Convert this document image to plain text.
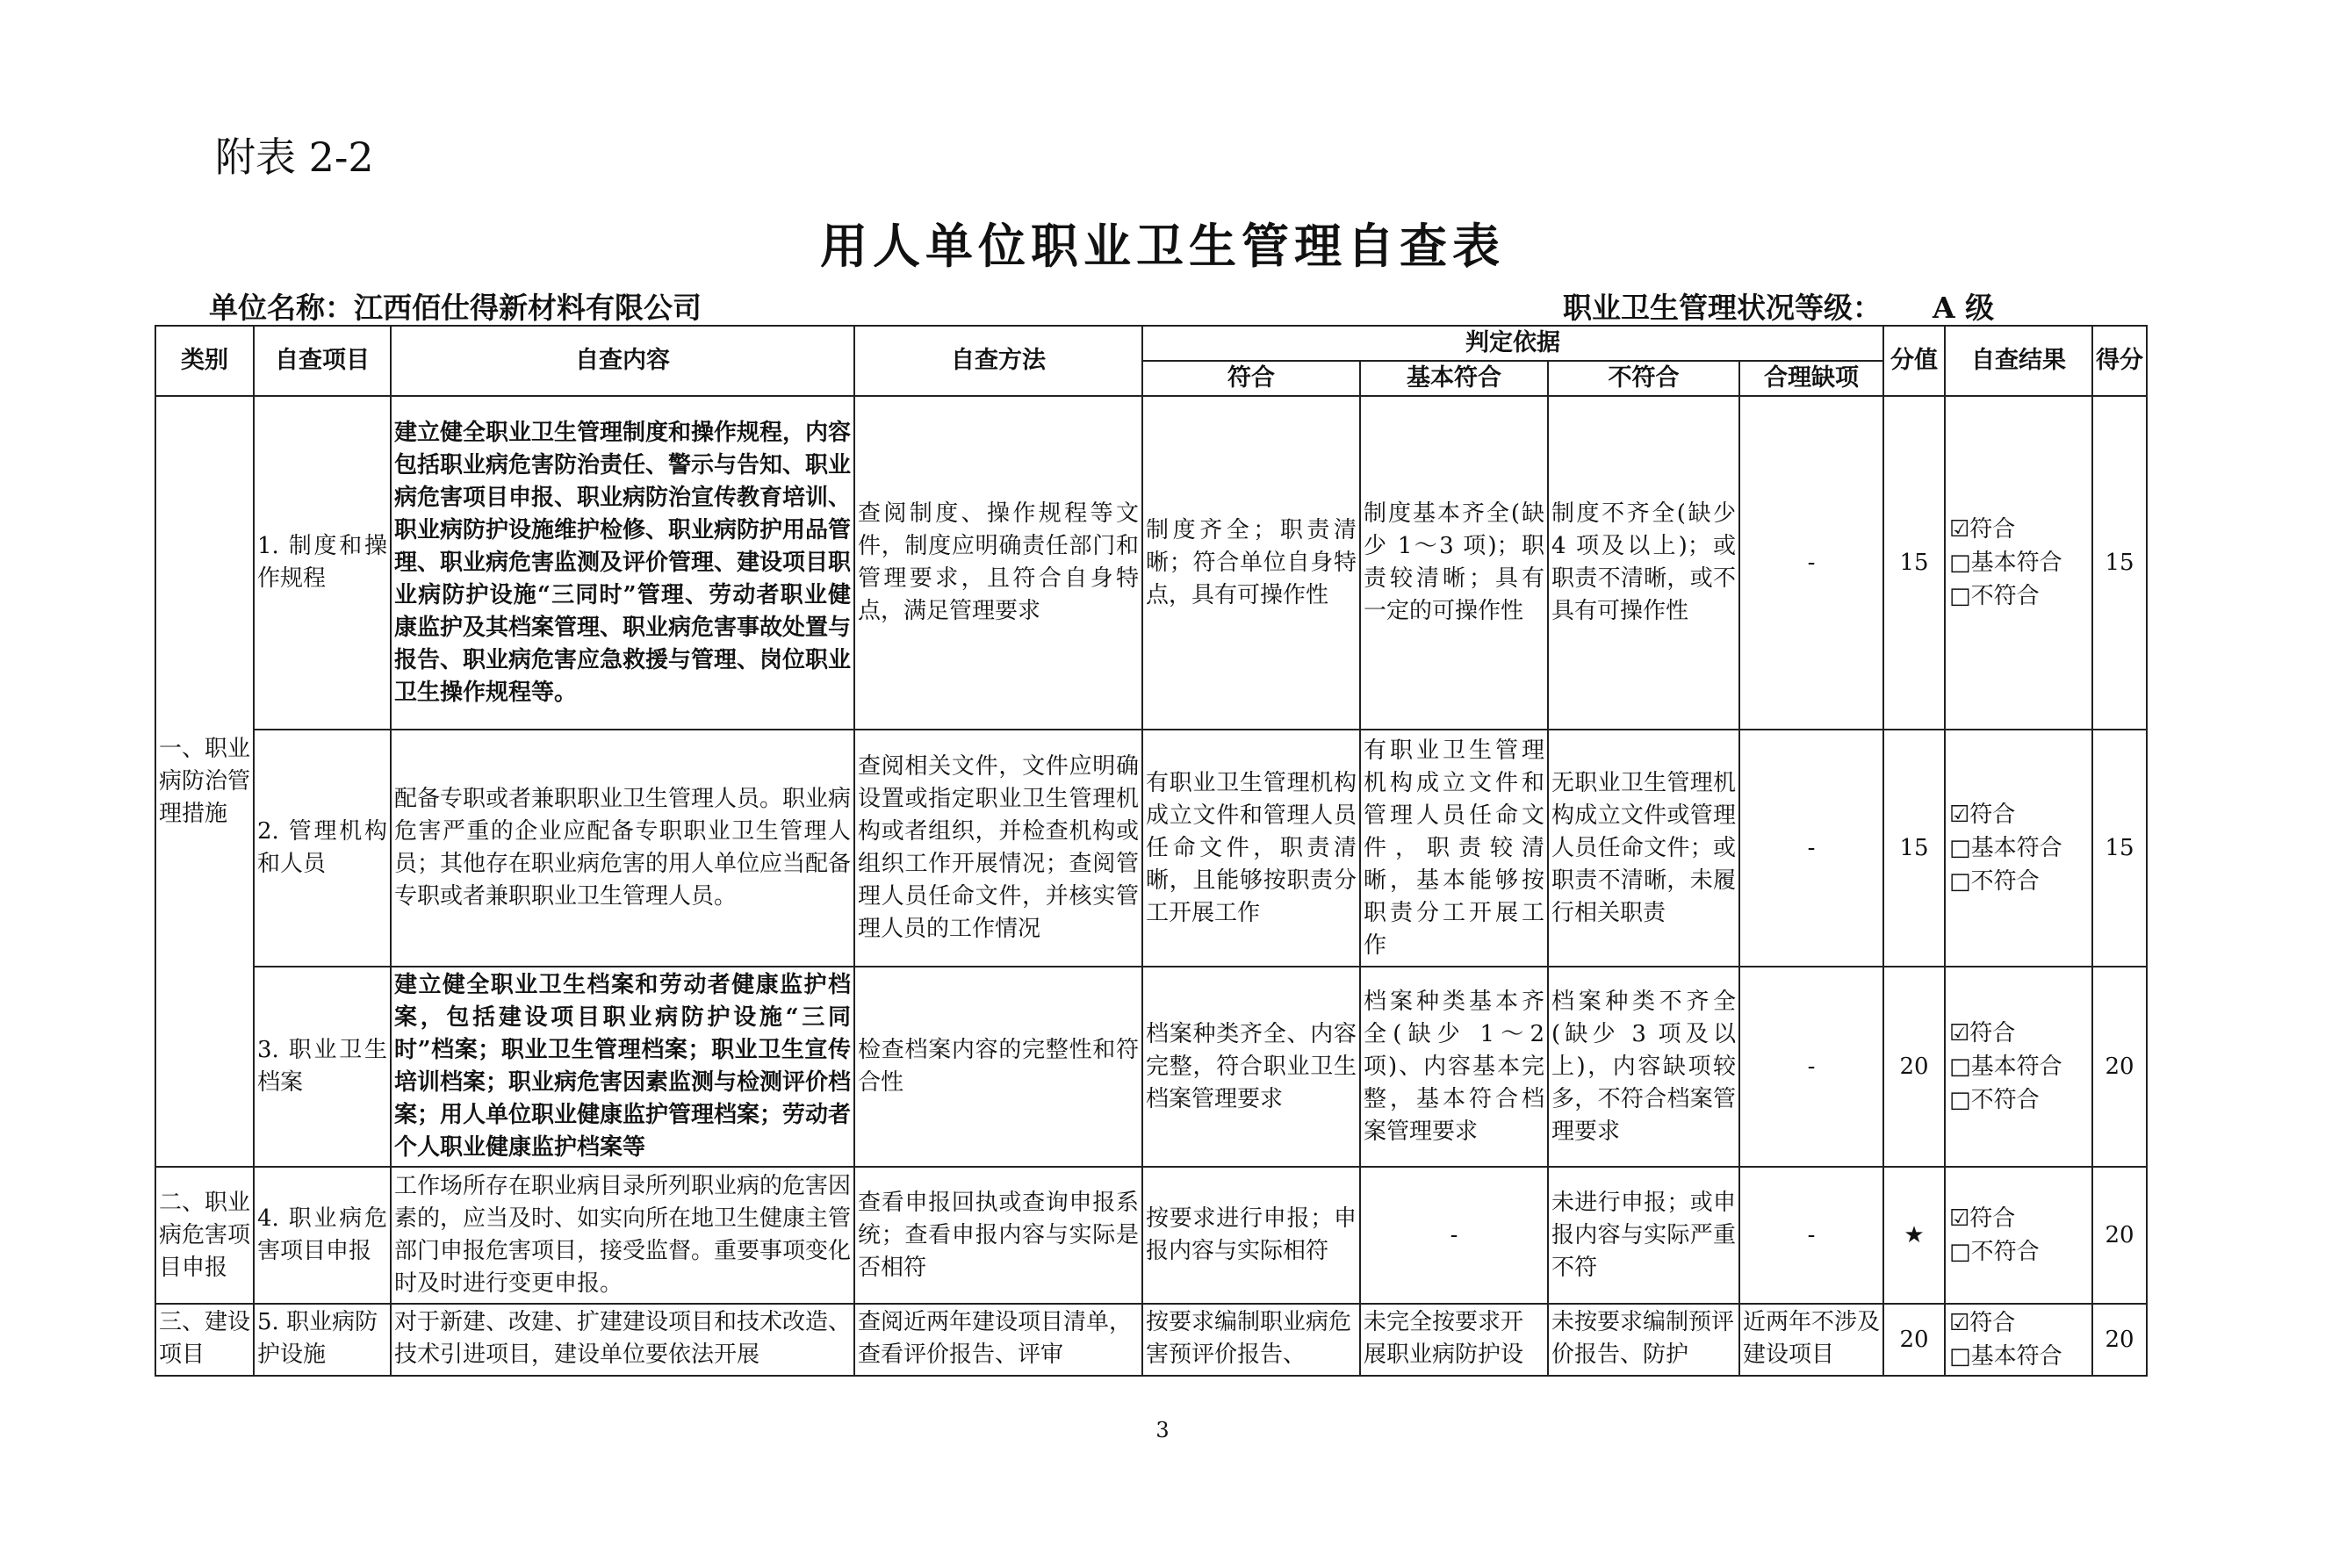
附表 2-2
用人单位职业卫生管理自查表
单位名称：江西佰仕得新材料有限公司	职业卫生管理状况等级： A 级
类别	自查项目	自查内容	自查方法	判定依据				分值	自查结果	得分
				符合	基本符合	不符合	合理缺项			
一、职业病防治管理措施	1. 制度和操作规程	建立健全职业卫生管理制度和操作规程，内容包括职业病危害防治责任、警示与告知、职业病危害项目申报、职业病防治宣传教育培训、职业病防护设施维护检修、职业病防护用品管理、职业病危害监测及评价管理、建设项目职业病防护设施“三同时”管理、劳动者职业健康监护及其档案管理、职业病危害事故处置与报告、职业病危害应急救援与管理、岗位职业卫生操作规程等。	查阅制度、操作规程等文件，制度应明确责任部门和管理要求，且符合自身特点，满足管理要求	制度齐全；职责清晰；符合单位自身特点，具有可操作性	制度基本齐全(缺少 1～3 项)；职责较清晰；具有一定的可操作性	制度不齐全(缺少 4 项及以上)；或职责不清晰，或不具有可操作性	-	15	☑符合
□基本符合
□不符合	15
	2. 管理机构和人员	配备专职或者兼职职业卫生管理人员。职业病危害严重的企业应配备专职职业卫生管理人员；其他存在职业病危害的用人单位应当配备专职或者兼职职业卫生管理人员。	查阅相关文件，文件应明确设置或指定职业卫生管理机构或者组织，并检查机构或组织工作开展情况；查阅管理人员任命文件，并核实管理人员的工作情况	有职业卫生管理机构成立文件和管理人员任命文件，职责清晰，且能够按职责分工开展工作	有职业卫生管理机构成立文件和管理人员任命文件，职责较清晰，基本能够按职责分工开展工作	无职业卫生管理机构成立文件或管理人员任命文件；或职责不清晰，未履行相关职责	-	15	☑符合
□基本符合
□不符合	15
	3. 职业卫生档案	建立健全职业卫生档案和劳动者健康监护档案，包括建设项目职业病防护设施“三同时”档案；职业卫生管理档案；职业卫生宣传培训档案；职业病危害因素监测与检测评价档案；用人单位职业健康监护管理档案；劳动者个人职业健康监护档案等	检查档案内容的完整性和符合性	档案种类齐全、内容完整，符合职业卫生档案管理要求	档案种类基本齐全(缺少 1～2 项)、内容基本完整，基本符合档案管理要求	档案种类不齐全(缺少 3 项及以上)，内容缺项较多，不符合档案管理要求	-	20	☑符合
□基本符合
□不符合	20
二、职业病危害项目申报	4. 职业病危害项目申报	工作场所存在职业病目录所列职业病的危害因素的，应当及时、如实向所在地卫生健康主管部门申报危害项目，接受监督。重要事项变化时及时进行变更申报。	查看申报回执或查询申报系统；查看申报内容与实际是否相符	按要求进行申报；申报内容与实际相符	-	未进行申报；或申报内容与实际严重不符	-	★	☑符合
□不符合	20
三、建设项目	5. 职业病防护设施	对于新建、改建、扩建建设项目和技术改造、技术引进项目，建设单位要依法开展	查阅近两年建设项目清单，查看评价报告、评审	按要求编制职业病危害预评价报告、	未完全按要求开展职业病防护设	未按要求编制预评价报告、防护	近两年不涉及建设项目	20	☑符合
□基本符合	20
3
